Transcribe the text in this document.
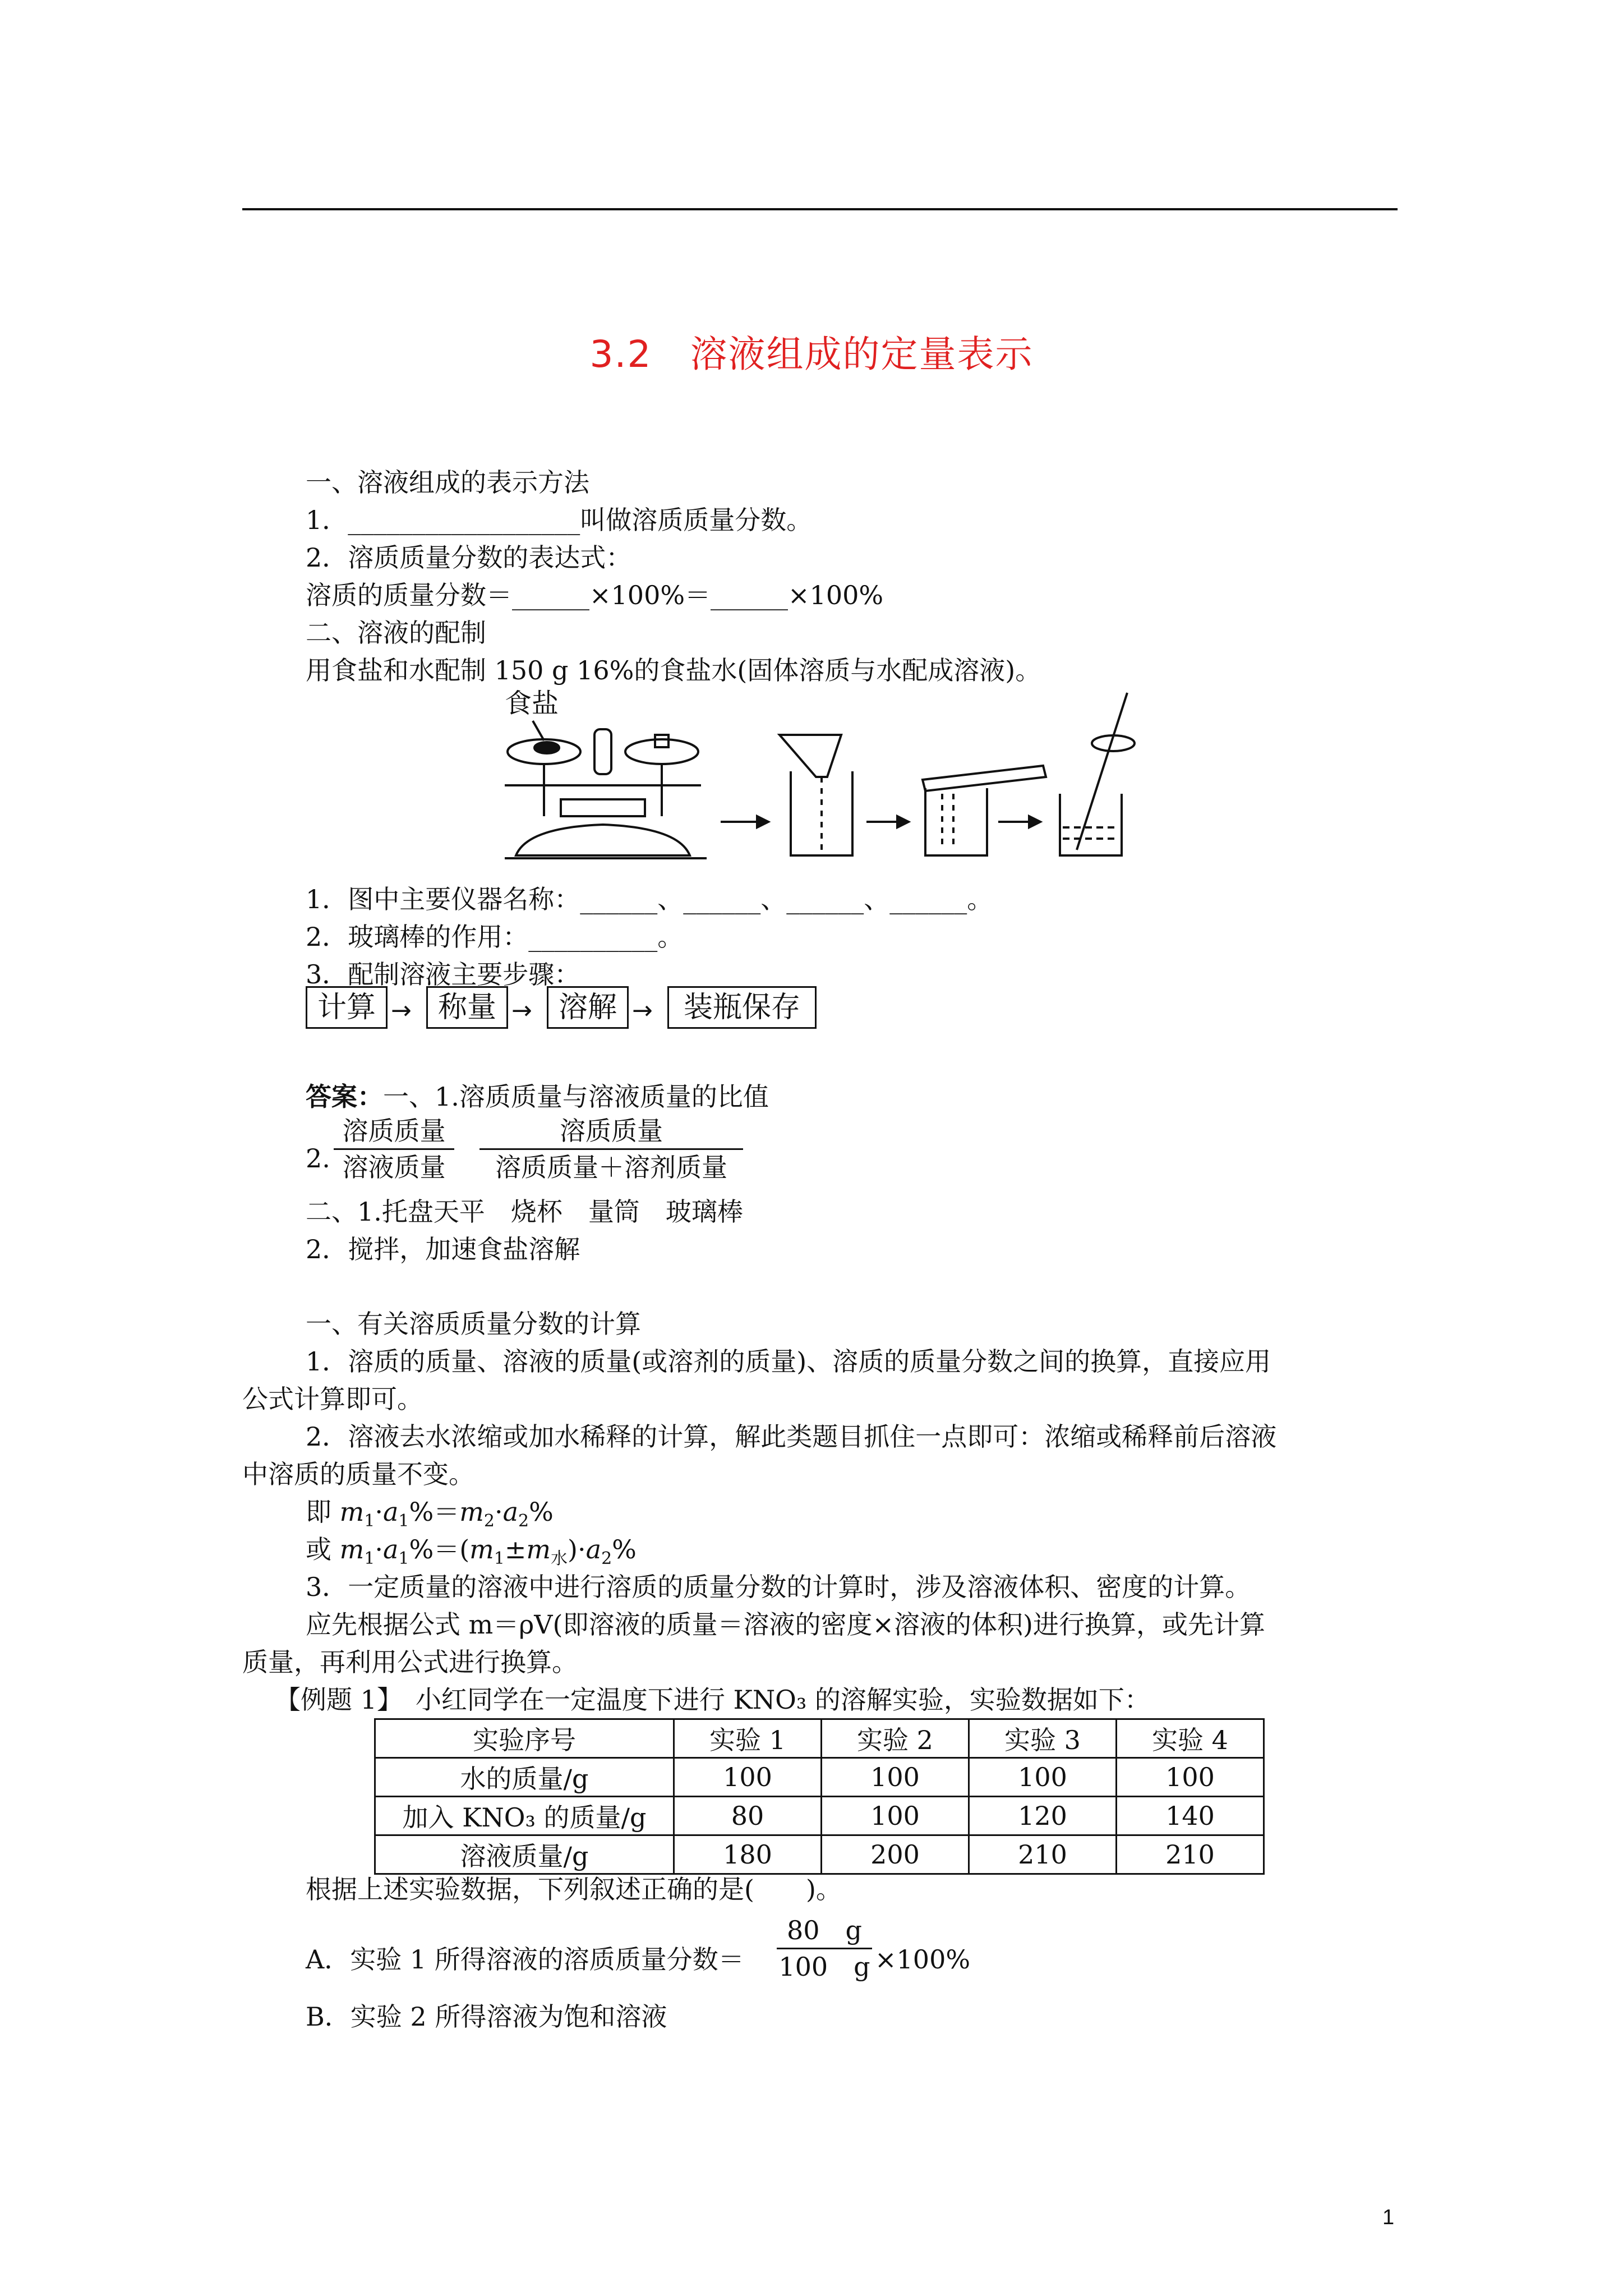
3.2　溶液组成的定量表示
一、溶液组成的表示方法
1．__________________叫做溶质质量分数。
2．溶质质量分数的表达式：
溶质的质量分数＝______×100%＝______×100%
二、溶液的配制
用食盐和水配制 150 g 16%的食盐水(固体溶质与水配成溶液)。
食盐
1．图中主要仪器名称：______、______、______、______。
2．玻璃棒的作用：__________。
3．配制溶液主要步骤：
计算 → 称量 → 溶解 →	装瓶保存
答案：一、1.溶质质量与溶液质量的比值
2.
溶质质量
溶液质量
溶质质量
溶质质量＋溶剂质量
二、1.托盘天平　烧杯　量筒　玻璃棒
2．搅拌，加速食盐溶解
一、有关溶质质量分数的计算
1．溶质的质量、溶液的质量(或溶剂的质量)、溶质的质量分数之间的换算，直接应用
公式计算即可。
2．溶液去水浓缩或加水稀释的计算，解此类题目抓住一点即可：浓缩或稀释前后溶液
中溶质的质量不变。
即 $m_1\cdot a_1\%=m_2\cdot a_2\%$
或 $m_1\cdot a_1\%=(m_1\pm m_水)\cdot a_2\%$
3．一定质量的溶液中进行溶质的质量分数的计算时，涉及溶液体积、密度的计算。
应先根据公式 m＝ρV(即溶液的质量＝溶液的密度×溶液的体积)进行换算，或先计算
质量，再利用公式进行换算。
【例题 1】　小红同学在一定温度下进行 KNO₃ 的溶解实验，实验数据如下：
实验序号	实验 1	实验 2	实验 3	实验 4
水的质量/g	100	100	100	100
加入 KNO₃ 的质量/g	80	100	120	140
溶液质量/g	180	200	210	210
根据上述实验数据，下列叙述正确的是(　　)。
A．实验 1 所得溶液的溶质质量分数＝ $\frac{80 g}{100 g} \times 100\%$
B．实验 2 所得溶液为饱和溶液
1
